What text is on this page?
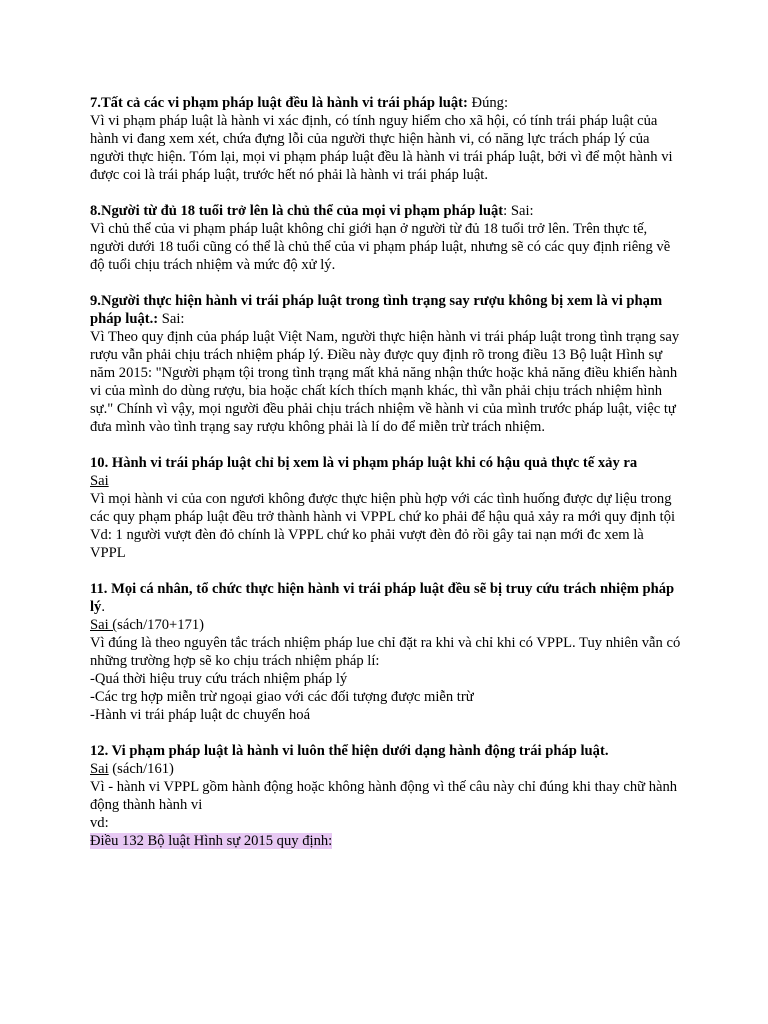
7.Tất cả các vi phạm pháp luật đều là hành vi trái pháp luật: Đúng:
Vì vi phạm pháp luật là hành vi xác định, có tính nguy hiểm cho xã hội, có tính trái pháp luật của hành vi đang xem xét, chứa đựng lỗi của người thực hiện hành vi, có năng lực trách pháp lý của người thực hiện. Tóm lại, mọi vi phạm pháp luật đều là hành vi trái pháp luật, bởi vì để một hành vi được coi là trái pháp luật, trước hết nó phải là hành vi trái pháp luật.
8.Người từ đủ 18 tuổi trở lên là chủ thể của mọi vi phạm pháp luật: Sai:
Vì chủ thể của vi phạm pháp luật không chỉ giới hạn ở người từ đủ 18 tuổi trở lên. Trên thực tế, người dưới 18 tuổi cũng có thể là chủ thể của vi phạm pháp luật, nhưng sẽ có các quy định riêng về độ tuổi chịu trách nhiệm và mức độ xử lý.
9.Người thực hiện hành vi trái pháp luật trong tình trạng say rượu không bị xem là vi phạm pháp luật.: Sai:
Vì Theo quy định của pháp luật Việt Nam, người thực hiện hành vi trái pháp luật trong tình trạng say rượu vẫn phải chịu trách nhiệm pháp lý. Điều này được quy định rõ trong điều 13 Bộ luật Hình sự năm 2015: "Người phạm tội trong tình trạng mất khả năng nhận thức hoặc khả năng điều khiển hành vi của mình do dùng rượu, bia hoặc chất kích thích mạnh khác, thì vẫn phải chịu trách nhiệm hình sự." Chính vì vậy, mọi người đều phải chịu trách nhiệm về hành vi của mình trước pháp luật, việc tự đưa mình vào tình trạng say rượu không phải là lí do để miễn trừ trách nhiệm.
10. Hành vi trái pháp luật chỉ bị xem là vi phạm pháp luật khi có hậu quả thực tế xảy ra
Sai
Vì mọi hành vi của con ngươi không được thực hiện phù hợp với các tình huống được dự liệu trong các quy phạm pháp luật đều trở thành hành vi VPPL chứ ko phải để hậu quả xảy ra mới quy định tội
Vd: 1 người vượt đèn đỏ chính là VPPL chứ ko phải vượt đèn đỏ rồi gây tai nạn mới đc xem là VPPL
11. Mọi cá nhân, tổ chức thực hiện hành vi trái pháp luật đều sẽ bị truy cứu trách nhiệm pháp lý.
Sai (sách/170+171)
Vì đúng là theo nguyên tắc trách nhiệm pháp lue chỉ đặt ra khi và chỉ khi có VPPL. Tuy nhiên vẫn có những trường hợp sẽ ko chịu trách nhiệm pháp lí:
-Quá thời hiệu truy cứu trách nhiệm pháp lý
-Các trg hợp miễn trừ ngoại giao với các đối tượng được miễn trừ
-Hành vi trái pháp luật dc chuyển hoá
12. Vi phạm pháp luật là hành vi luôn thể hiện dưới dạng hành động trái pháp luật.
Sai (sách/161)
Vì - hành vi VPPL gồm hành động hoặc không hành động vì thế câu này chỉ đúng khi thay chữ hành động thành hành vi
vd:
Điều 132 Bộ luật Hình sự 2015 quy định:
